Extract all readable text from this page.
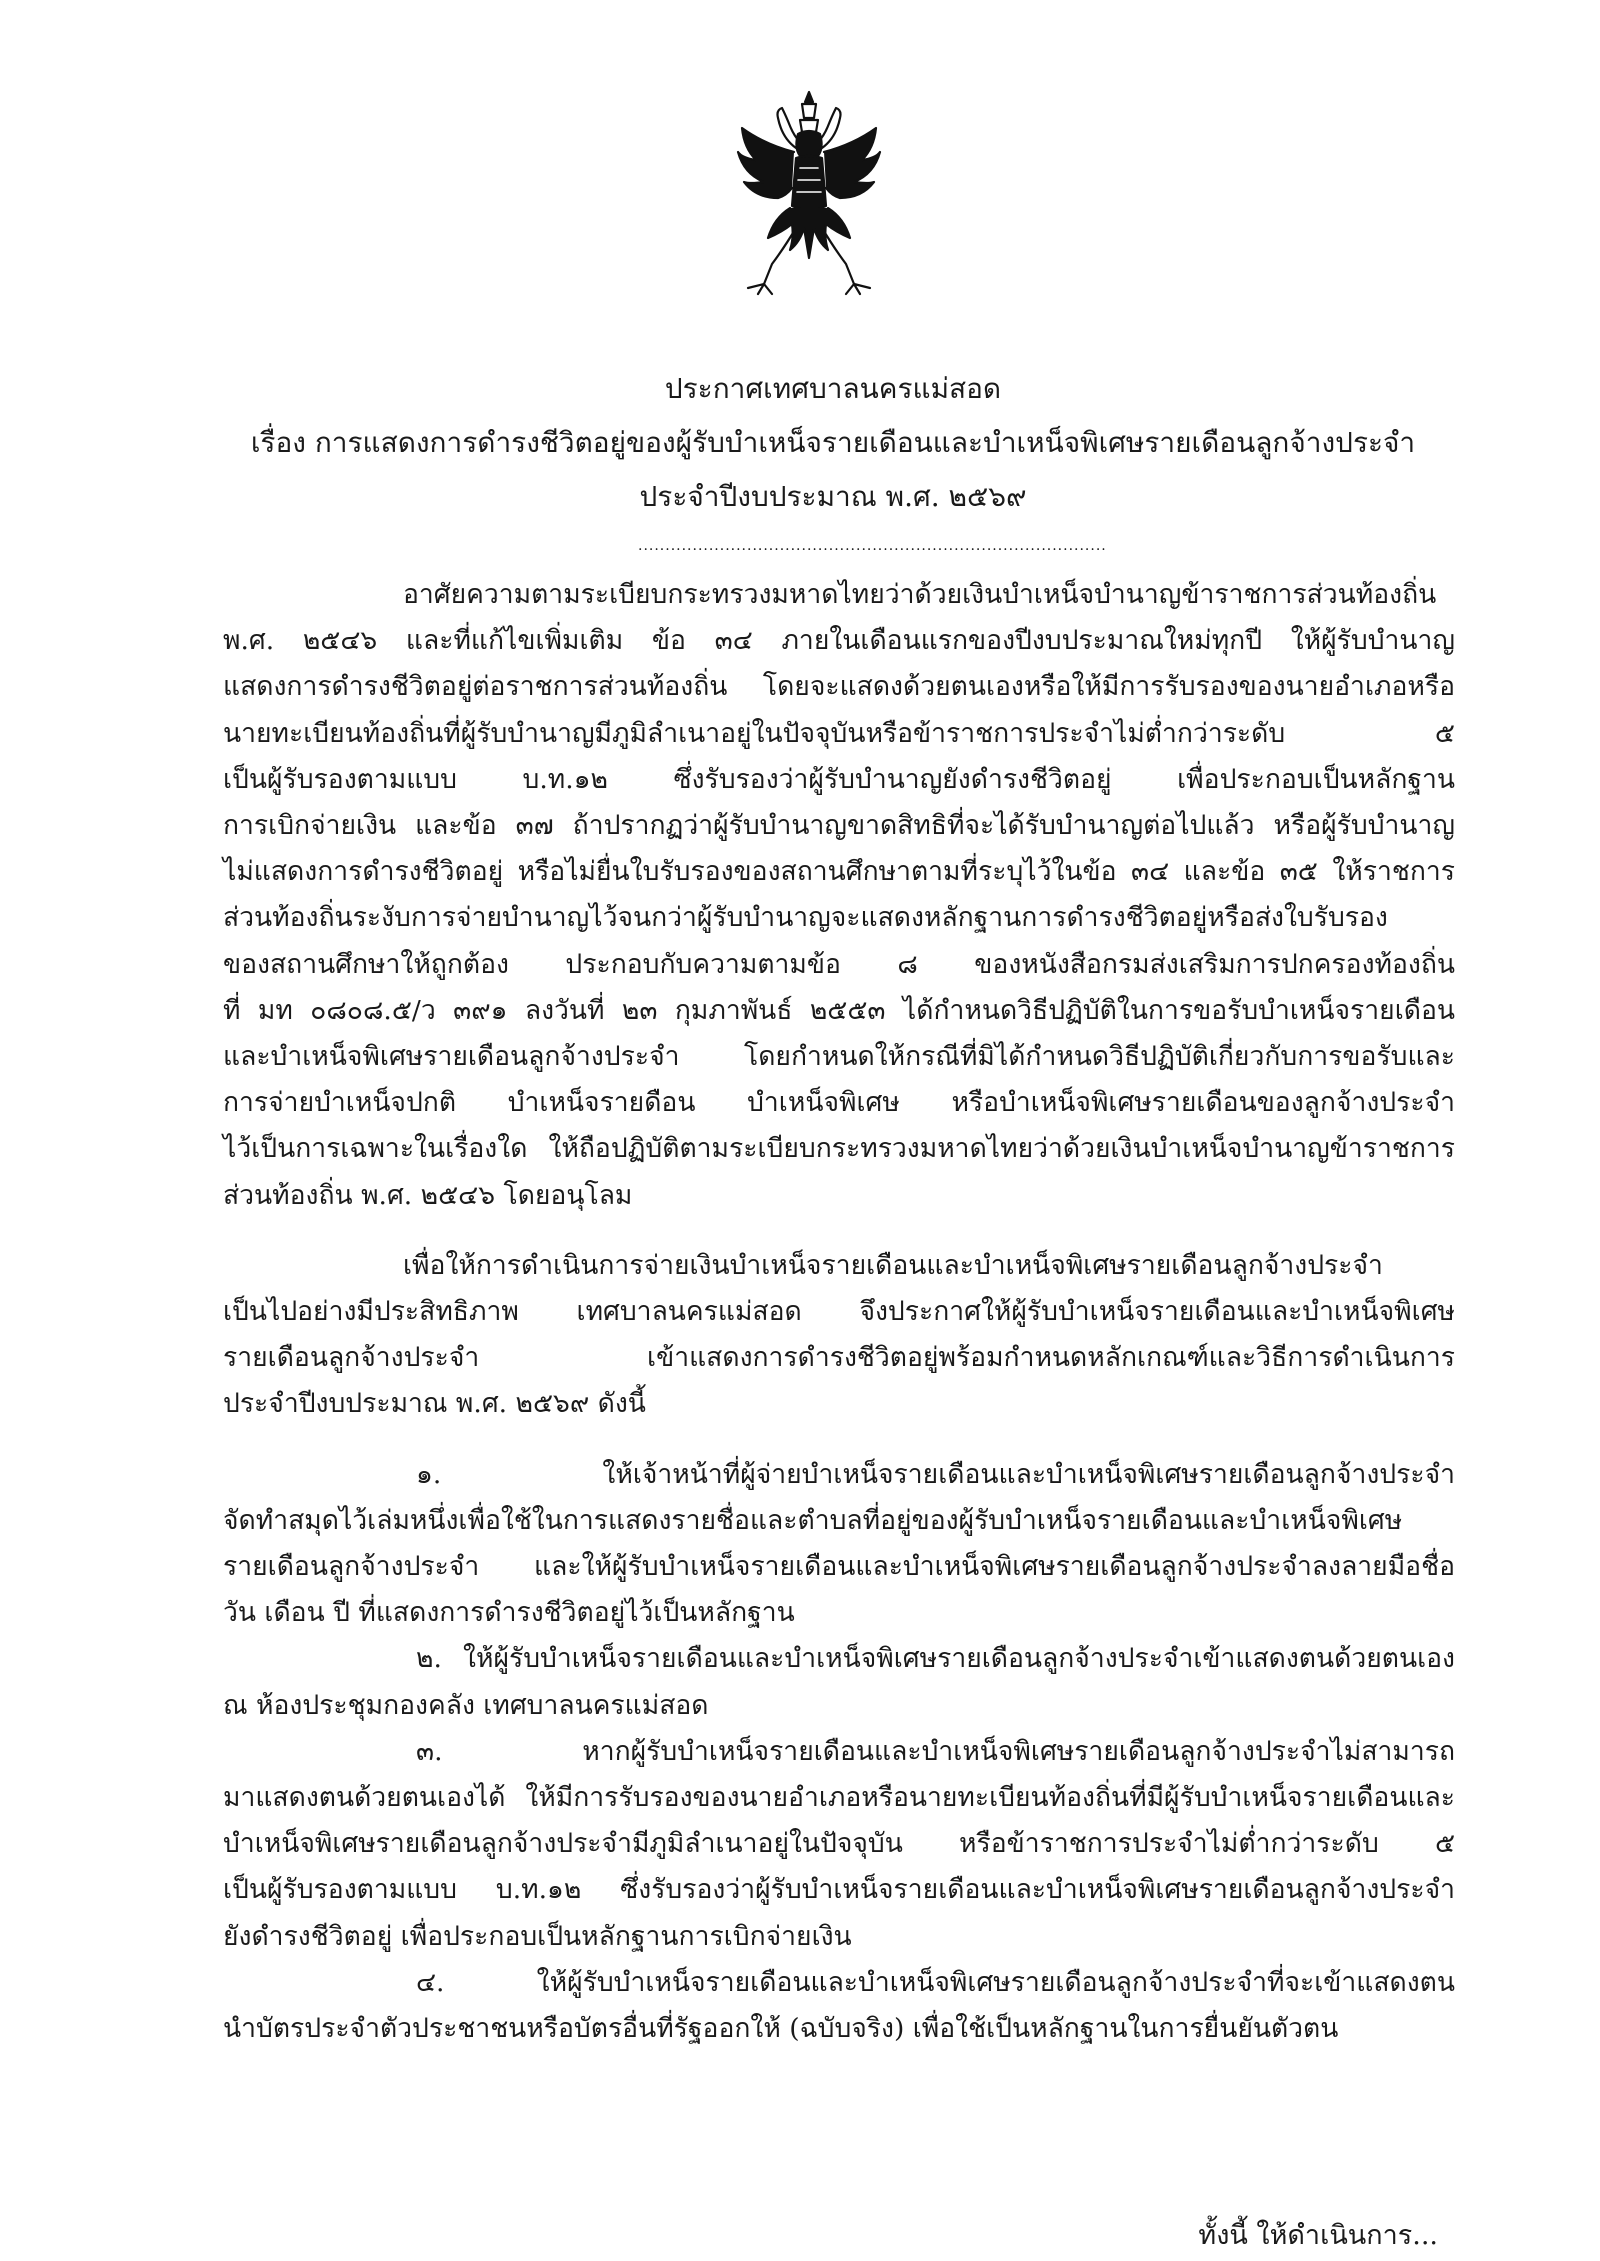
ประกาศเทศบาลนครแม่สอด
เรื่อง การแสดงการดำรงชีวิตอยู่ของผู้รับบำเหน็จรายเดือนและบำเหน็จพิเศษรายเดือนลูกจ้างประจำ
ประจำปีงบประมาณ พ.ศ. ๒๕๖๙
......................................................................................
อาศัยความตามระเบียบกระทรวงมหาดไทยว่าด้วยเงินบำเหน็จบำนาญข้าราชการส่วนท้องถิ่น
พ.ศ. ๒๕๔๖ และที่แก้ไขเพิ่มเติม ข้อ ๓๔ ภายในเดือนแรกของปีงบประมาณใหม่ทุกปี ให้ผู้รับบำนาญ
แสดงการดำรงชีวิตอยู่ต่อราชการส่วนท้องถิ่น โดยจะแสดงด้วยตนเองหรือให้มีการรับรองของนายอำเภอหรือ
นายทะเบียนท้องถิ่นที่ผู้รับบำนาญมีภูมิลำเนาอยู่ในปัจจุบันหรือข้าราชการประจำไม่ต่ำกว่าระดับ ๕
เป็นผู้รับรองตามแบบ บ.ท.๑๒ ซึ่งรับรองว่าผู้รับบำนาญยังดำรงชีวิตอยู่ เพื่อประกอบเป็นหลักฐาน
การเบิกจ่ายเงิน และข้อ ๓๗ ถ้าปรากฏว่าผู้รับบำนาญขาดสิทธิที่จะได้รับบำนาญต่อไปแล้ว หรือผู้รับบำนาญ
ไม่แสดงการดำรงชีวิตอยู่ หรือไม่ยื่นใบรับรองของสถานศึกษาตามที่ระบุไว้ในข้อ ๓๔ และข้อ ๓๕ ให้ราชการ
ส่วนท้องถิ่นระงับการจ่ายบำนาญไว้จนกว่าผู้รับบำนาญจะแสดงหลักฐานการดำรงชีวิตอยู่หรือส่งใบรับรอง
ของสถานศึกษาให้ถูกต้อง ประกอบกับความตามข้อ ๘ ของหนังสือกรมส่งเสริมการปกครองท้องถิ่น
ที่ มท ๐๘๐๘.๕/ว ๓๙๑ ลงวันที่ ๒๓ กุมภาพันธ์ ๒๕๕๓ ได้กำหนดวิธีปฏิบัติในการขอรับบำเหน็จรายเดือน
และบำเหน็จพิเศษรายเดือนลูกจ้างประจำ โดยกำหนดให้กรณีที่มิได้กำหนดวิธีปฏิบัติเกี่ยวกับการขอรับและ
การจ่ายบำเหน็จปกติ บำเหน็จรายดือน บำเหน็จพิเศษ หรือบำเหน็จพิเศษรายเดือนของลูกจ้างประจำ
ไว้เป็นการเฉพาะในเรื่องใด ให้ถือปฏิบัติตามระเบียบกระทรวงมหาดไทยว่าด้วยเงินบำเหน็จบำนาญข้าราชการ
ส่วนท้องถิ่น พ.ศ. ๒๕๔๖ โดยอนุโลม
เพื่อให้การดำเนินการจ่ายเงินบำเหน็จรายเดือนและบำเหน็จพิเศษรายเดือนลูกจ้างประจำ
เป็นไปอย่างมีประสิทธิภาพ เทศบาลนครแม่สอด จึงประกาศให้ผู้รับบำเหน็จรายเดือนและบำเหน็จพิเศษ
รายเดือนลูกจ้างประจำ เข้าแสดงการดำรงชีวิตอยู่พร้อมกำหนดหลักเกณฑ์และวิธีการดำเนินการ
ประจำปีงบประมาณ พ.ศ. ๒๕๖๙ ดังนี้
๑. ให้เจ้าหน้าที่ผู้จ่ายบำเหน็จรายเดือนและบำเหน็จพิเศษรายเดือนลูกจ้างประจำ
จัดทำสมุดไว้เล่มหนึ่งเพื่อใช้ในการแสดงรายชื่อและตำบลที่อยู่ของผู้รับบำเหน็จรายเดือนและบำเหน็จพิเศษ
รายเดือนลูกจ้างประจำ และให้ผู้รับบำเหน็จรายเดือนและบำเหน็จพิเศษรายเดือนลูกจ้างประจำลงลายมือชื่อ
วัน เดือน ปี ที่แสดงการดำรงชีวิตอยู่ไว้เป็นหลักฐาน
๒. ให้ผู้รับบำเหน็จรายเดือนและบำเหน็จพิเศษรายเดือนลูกจ้างประจำเข้าแสดงตนด้วยตนเอง
ณ ห้องประชุมกองคลัง เทศบาลนครแม่สอด
๓. หากผู้รับบำเหน็จรายเดือนและบำเหน็จพิเศษรายเดือนลูกจ้างประจำไม่สามารถ
มาแสดงตนด้วยตนเองได้ ให้มีการรับรองของนายอำเภอหรือนายทะเบียนท้องถิ่นที่มีผู้รับบำเหน็จรายเดือนและ
บำเหน็จพิเศษรายเดือนลูกจ้างประจำมีภูมิลำเนาอยู่ในปัจจุบัน หรือข้าราชการประจำไม่ต่ำกว่าระดับ ๕
เป็นผู้รับรองตามแบบ บ.ท.๑๒ ซึ่งรับรองว่าผู้รับบำเหน็จรายเดือนและบำเหน็จพิเศษรายเดือนลูกจ้างประจำ
ยังดำรงชีวิตอยู่ เพื่อประกอบเป็นหลักฐานการเบิกจ่ายเงิน
๔. ให้ผู้รับบำเหน็จรายเดือนและบำเหน็จพิเศษรายเดือนลูกจ้างประจำที่จะเข้าแสดงตน
นำบัตรประจำตัวประชาชนหรือบัตรอื่นที่รัฐออกให้ (ฉบับจริง) เพื่อใช้เป็นหลักฐานในการยื่นยันตัวตน
ทั้งนี้ ให้ดำเนินการ...
